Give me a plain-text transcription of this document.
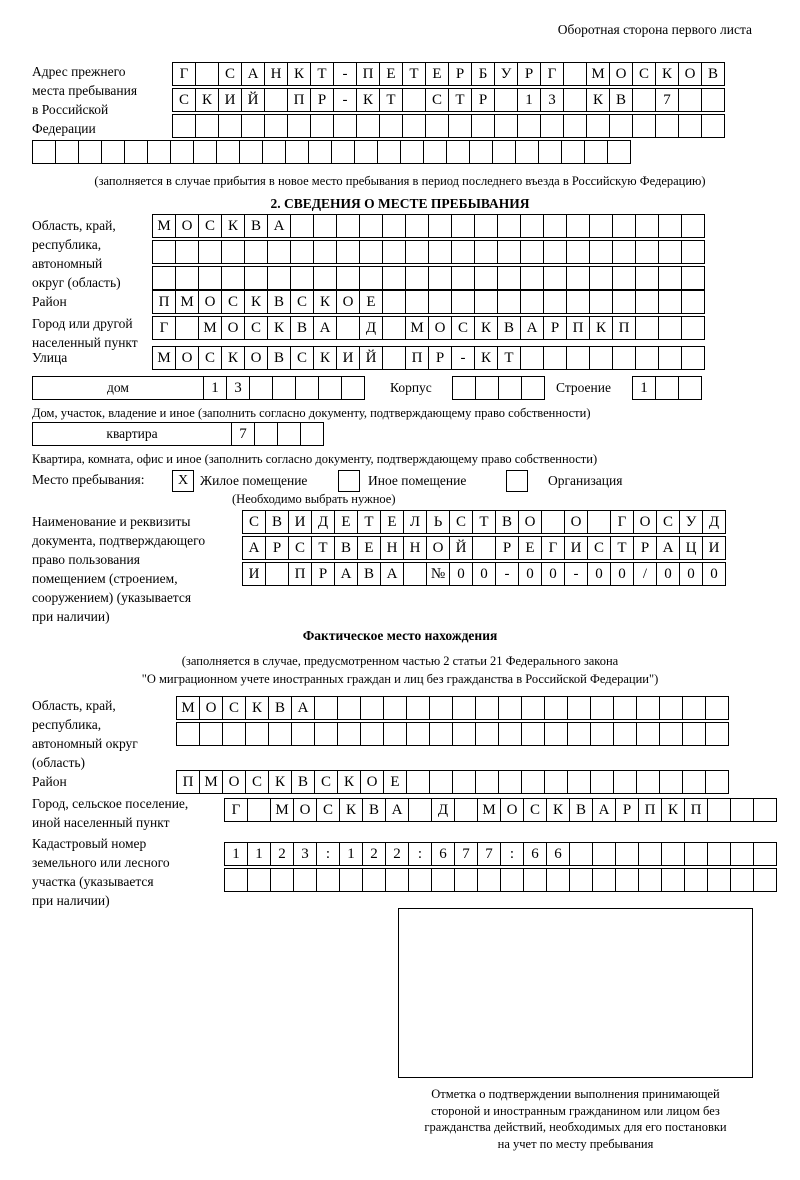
Оборотная сторона первого листа
Адрес прежнего
места пребывания
в Российской
Федерации
Г	С А Н К Т	-	П Е Т Е Р Б У Р Г	М О С К О В
С К И Й	П Р	-	К Т	С Т Р	1	3	К В	7
(заполняется в случае прибытия в новое место пребывания в период последнего въезда в Российскую Федерацию)
2. СВЕДЕНИЯ О МЕСТЕ ПРЕБЫВАНИЯ
Область, край,
республика,
автономный
округ (область)
М О С К В А
Район	П М О С К В С К О Е
Город или другой
населенный пункт
Г	М О С К В А	Д	М О С К В А Р П К П
Улица	М О С К О В С К И Й	П Р	-	К Т
дом	1	3	Корпус	Строение	1
Дом, участок, владение и иное (заполнить согласно документу, подтверждающему право собственности)
квартира	7
Квартира, комната, офис и иное (заполнить согласно документу, подтверждающему право собственности)
Место пребывания:	Х Жилое помещение	Иное помещение	Организация
(Необходимо выбрать нужное)
Наименование и реквизиты
документа, подтверждающего
право пользования
помещением (строением,
сооружением) (указывается
при наличии)
С В И Д Е Т Е Л Ь С Т В О	О	Г О С У Д
А Р С Т В Е Н Н О Й	Р Е Г И С Т Р А Ц И
И	П Р А В А	№ 0	0	-	0	0	-	0	0	/	0	0	0
Фактическое место нахождения
(заполняется в случае, предусмотренном частью 2 статьи 21 Федерального закона
"О миграционном учете иностранных граждан и лиц без гражданства в Российской Федерации")
Область, край,
республика,
автономный округ
(область)
М О С К В А
Район	П М О С К В С К О Е
Город, сельское поселение,
иной населенный пункт
Г	М О С К В А	Д	М О С К В А Р П К П
Кадастровый номер
земельного или лесного
участка (указывается
при наличии)
1	1	2	3	:	1	2	2	:	6	7	7	:	6	6
Отметка о подтверждении выполнения принимающей
стороной и иностранным гражданином или лицом без
гражданства действий, необходимых для его постановки
на учет по месту пребывания
